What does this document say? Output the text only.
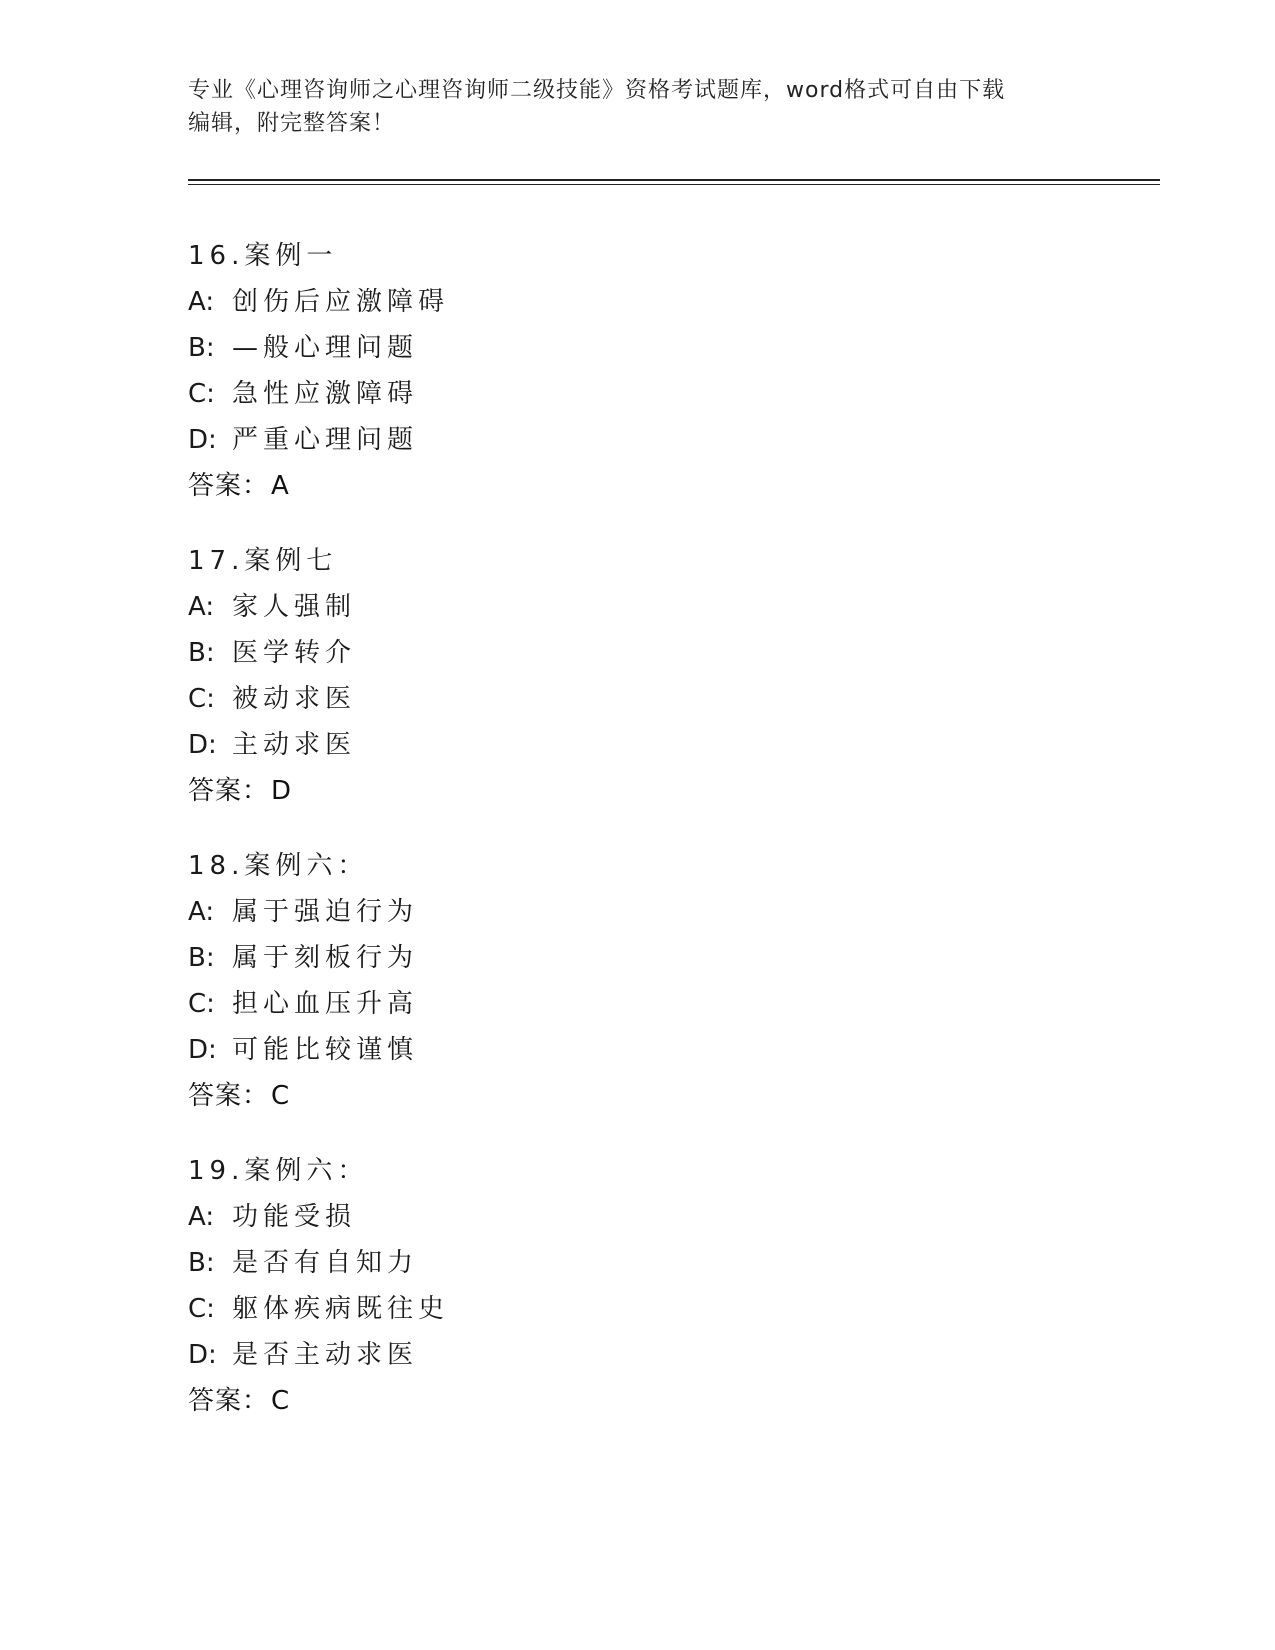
专业《心理咨询师之心理咨询师二级技能》资格考试题库，word格式可自由下载
编辑，附完整答案！
16.案例一
A: 创伤后应激障碍
B: —般心理问题
C: 急性应激障碍
D: 严重心理问题
答案：A
17.案例七
A: 家人强制
B: 医学转介
C: 被动求医
D: 主动求医
答案：D
18.案例六：
A: 属于强迫行为
B: 属于刻板行为
C: 担心血压升高
D: 可能比较谨慎
答案：C
19.案例六：
A: 功能受损
B: 是否有自知力
C: 躯体疾病既往史
D: 是否主动求医
答案：C
